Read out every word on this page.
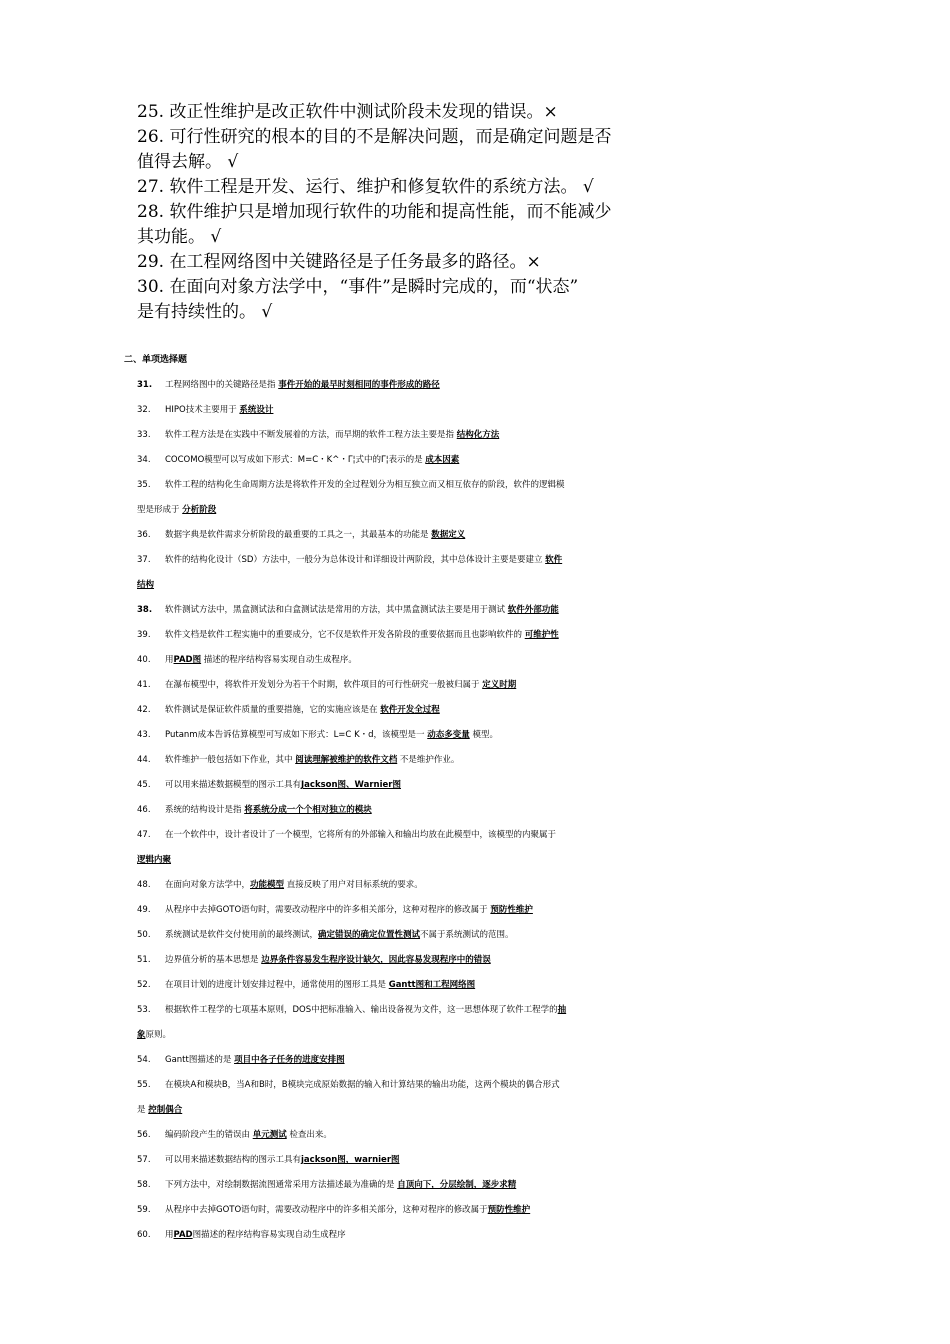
25. 改正性维护是改正软件中测试阶段未发现的错误。×
26. 可行性研究的根本的目的不是解决问题，而是确定问题是否
值得去解。 √
27. 软件工程是开发、运行、维护和修复软件的系统方法。 √
28. 软件维护只是增加现行软件的功能和提高性能，而不能减少
其功能。 √
29. 在工程网络图中关键路径是子任务最多的路径。×
30. 在面向对象方法学中，“事件”是瞬时完成的，而“状态”
是有持续性的。 √
二、单项选择题
31. 工程网络图中的关键路径是指 事件开始的最早时刻相同的事件形成的路径
32. HIPO技术主要用于 系统设计
33. 软件工程方法是在实践中不断发展着的方法，而早期的软件工程方法主要是指 结构化方法
34. COCOMO模型可以写成如下形式：M=C・K^・Γ¦式中的Γ¦表示的是 成本因素
35. 软件工程的结构化生命周期方法是将软件开发的全过程划分为相互独立而又相互依存的阶段，软件的逻辑模
型是形成于 分析阶段
36. 数据字典是软件需求分析阶段的最重要的工具之一，其最基本的功能是 数据定义
37. 软件的结构化设计（SD）方法中，一般分为总体设计和详细设计两阶段，其中总体设计主要是要建立 软件
结构
38. 软件测试方法中，黑盒测试法和白盒测试法是常用的方法，其中黑盒测试法主要是用于测试 软件外部功能
39. 软件文档是软件工程实施中的重要成分，它不仅是软件开发各阶段的重要依据而且也影响软件的 可维护性
40. 用PAD图 描述的程序结构容易实现自动生成程序。
41. 在瀑布模型中，将软件开发划分为若干个时期，软件项目的可行性研究一般被归属于 定义时期
42. 软件测试是保证软件质量的重要措施，它的实施应该是在 软件开发全过程
43. Putanm成本告诉估算模型可写成如下形式：L=C K・d，该模型是一 动态多变量 模型。
44. 软件维护一般包括如下作业，其中 阅读理解被维护的软件文档 不是维护作业。
45. 可以用来描述数据模型的图示工具有Jackson图、Warnier图
46. 系统的结构设计是指 将系统分成一个个相对独立的模块
47. 在一个软件中，设计者设计了一个模型，它将所有的外部输入和输出均放在此模型中，该模型的内聚属于
逻辑内聚
48. 在面向对象方法学中，功能模型 直接反映了用户对目标系统的要求。
49. 从程序中去掉GOTO语句时，需要改动程序中的许多相关部分，这种对程序的修改属于 预防性维护
50. 系统测试是软件交付使用前的最终测试，确定错误的确定位置性测试不属于系统测试的范围。
51. 边界值分析的基本思想是 边界条件容易发生程序设计缺欠，因此容易发现程序中的错误
52. 在项目计划的进度计划安排过程中，通常使用的图形工具是 Gantt图和工程网络图
53. 根据软件工程学的七项基本原则，DOS中把标准输入、输出设备视为文件，这一思想体现了软件工程学的抽
象原则。
54. Gantt图描述的是 项目中各子任务的进度安排图
55. 在模块A和模块B，当A和B时，B模块完成原始数据的输入和计算结果的输出功能，这两个模块的偶合形式
是 控制偶合
56. 编码阶段产生的错误由 单元测试 检查出来。
57. 可以用来描述数据结构的图示工具有jackson图，warnier图
58. 下列方法中，对绘制数据流图通常采用方法描述最为准确的是 自顶向下，分层绘制，逐步求精
59. 从程序中去掉GOTO语句时，需要改动程序中的许多相关部分，这种对程序的修改属于预防性维护
60. 用PAD图描述的程序结构容易实现自动生成程序
